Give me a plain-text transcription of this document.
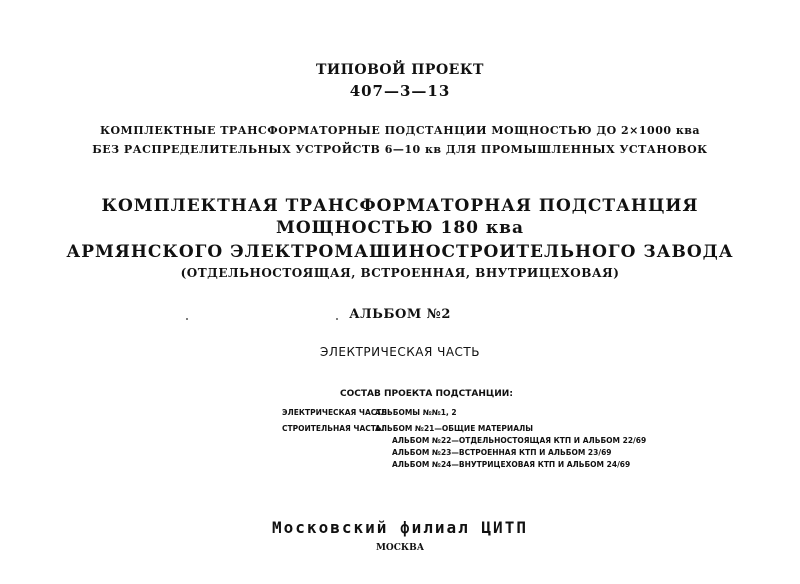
ТИПОВОЙ ПРОЕКТ
407—3—13
КОМПЛЕКТНЫЕ ТРАНСФОРМАТОРНЫЕ ПОДСТАНЦИИ МОЩНОСТЬЮ ДО 2×1000 ква
БЕЗ РАСПРЕДЕЛИТЕЛЬНЫХ УСТРОЙСТВ 6—10 кв ДЛЯ ПРОМЫШЛЕННЫХ УСТАНОВОК
КОМПЛЕКТНАЯ ТРАНСФОРМАТОРНАЯ ПОДСТАНЦИЯ
МОЩНОСТЬЮ 180 ква
АРМЯНСКОГО ЭЛЕКТРОМАШИНОСТРОИТЕЛЬНОГО ЗАВОДА
(ОТДЕЛЬНОСТОЯЩАЯ, ВСТРОЕННАЯ, ВНУТРИЦЕХОВАЯ)
АЛЬБОМ №2
ЭЛЕКТРИЧЕСКАЯ ЧАСТЬ
СОСТАВ ПРОЕКТА ПОДСТАНЦИИ:
ЭЛЕКТРИЧЕСКАЯ ЧАСТЬ:
АЛЬБОМЫ №№1, 2
СТРОИТЕЛЬНАЯ ЧАСТЬ:
АЛЬБОМ №21—ОБЩИЕ МАТЕРИАЛЫ
АЛЬБОМ №22—ОТДЕЛЬНОСТОЯЩАЯ КТП И АЛЬБОМ 22/69
АЛЬБОМ №23—ВСТРОЕННАЯ КТП И АЛЬБОМ 23/69
АЛЬБОМ №24—ВНУТРИЦЕХОВАЯ КТП И АЛЬБОМ 24/69
Московский филиал ЦИТП
МОСКВА
